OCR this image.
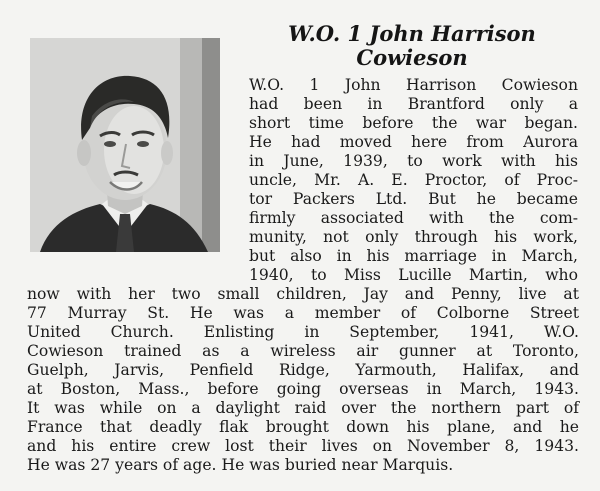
W.O. 1 John Harrison
Cowieson
W.O. 1 John Harrison Cowieson
had been in Brantford only a
short time before the war began.
He had moved here from Aurora
in June, 1939, to work with his
uncle, Mr. A. E. Proctor, of Proc-
tor Packers Ltd. But he became
firmly associated with the com-
munity, not only through his work,
but also in his marriage in March,
1940, to Miss Lucille Martin, who
now with her two small children, Jay and Penny, live at
77 Murray St. He was a member of Colborne Street
United Church. Enlisting in September, 1941, W.O.
Cowieson trained as a wireless air gunner at Toronto,
Guelph, Jarvis, Penfield Ridge, Yarmouth, Halifax, and
at Boston, Mass., before going overseas in March, 1943.
It was while on a daylight raid over the northern part of
France that deadly flak brought down his plane, and he
and his entire crew lost their lives on November 8, 1943.
He was 27 years of age. He was buried near Marquis.
